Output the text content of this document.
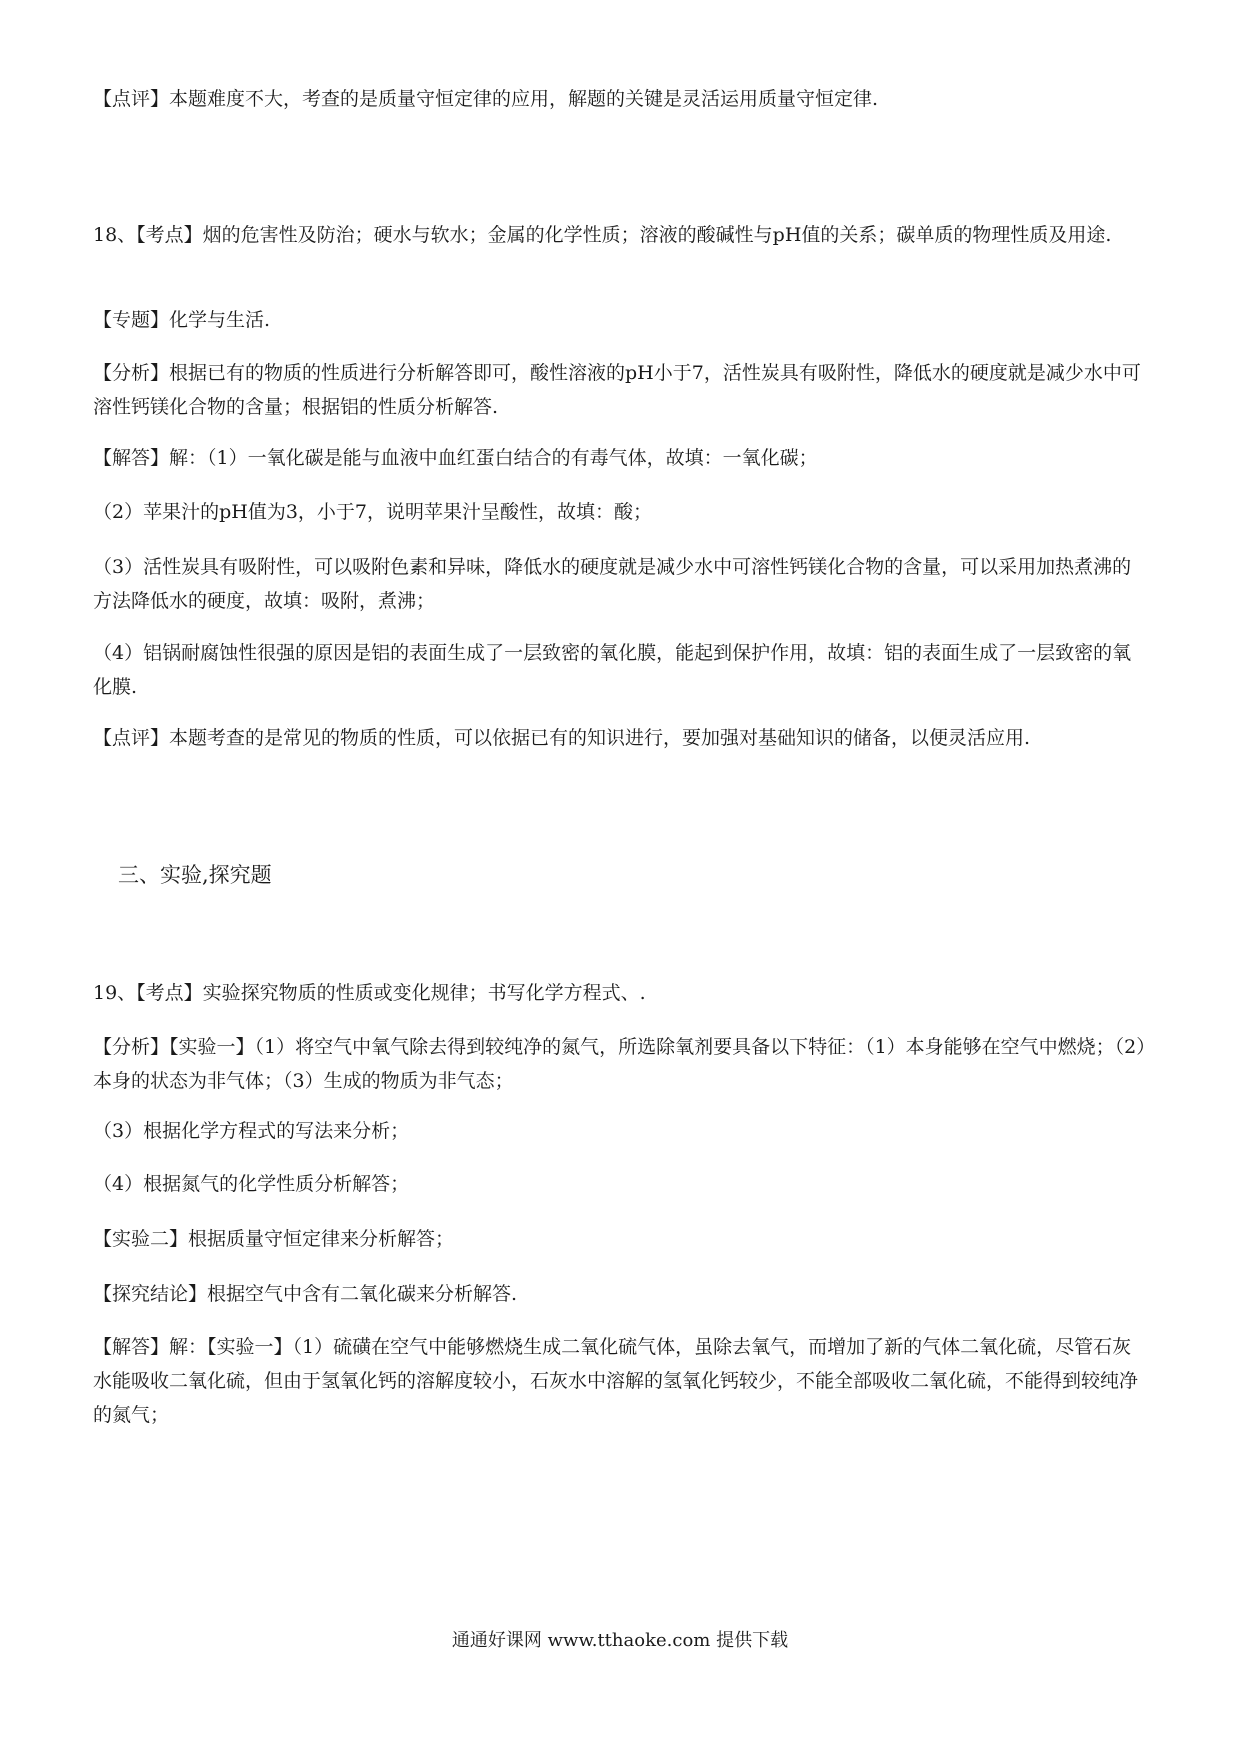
【点评】本题难度不大，考查的是质量守恒定律的应用，解题的关键是灵活运用质量守恒定律.

18、【考点】烟的危害性及防治；硬水与软水；金属的化学性质；溶液的酸碱性与pH值的关系；碳单质的物理性质及用途.

【专题】化学与生活.

【分析】根据已有的物质的性质进行分析解答即可，酸性溶液的pH小于7，活性炭具有吸附性，降低水的硬度就是减少水中可溶性钙镁化合物的含量；根据铝的性质分析解答.

【解答】解：（1）一氧化碳是能与血液中血红蛋白结合的有毒气体，故填：一氧化碳；

（2）苹果汁的pH值为3，小于7，说明苹果汁呈酸性，故填：酸；

（3）活性炭具有吸附性，可以吸附色素和异味，降低水的硬度就是减少水中可溶性钙镁化合物的含量，可以采用加热煮沸的方法降低水的硬度，故填：吸附，煮沸；

（4）铝锅耐腐蚀性很强的原因是铝的表面生成了一层致密的氧化膜，能起到保护作用，故填：铝的表面生成了一层致密的氧化膜.

【点评】本题考查的是常见的物质的性质，可以依据已有的知识进行，要加强对基础知识的储备，以便灵活应用.

三、实验,探究题

19、【考点】实验探究物质的性质或变化规律；书写化学方程式、.

【分析】【实验一】（1）将空气中氧气除去得到较纯净的氮气，所选除氧剂要具备以下特征：（1）本身能够在空气中燃烧；（2）本身的状态为非气体；（3）生成的物质为非气态；

（3）根据化学方程式的写法来分析；

（4）根据氮气的化学性质分析解答；

【实验二】根据质量守恒定律来分析解答；

【探究结论】根据空气中含有二氧化碳来分析解答.

【解答】解：【实验一】（1）硫磺在空气中能够燃烧生成二氧化硫气体，虽除去氧气，而增加了新的气体二氧化硫，尽管石灰水能吸收二氧化硫，但由于氢氧化钙的溶解度较小，石灰水中溶解的氢氧化钙较少，不能全部吸收二氧化硫，不能得到较纯净的氮气；

通通好课网 www.tthaoke.com 提供下载
